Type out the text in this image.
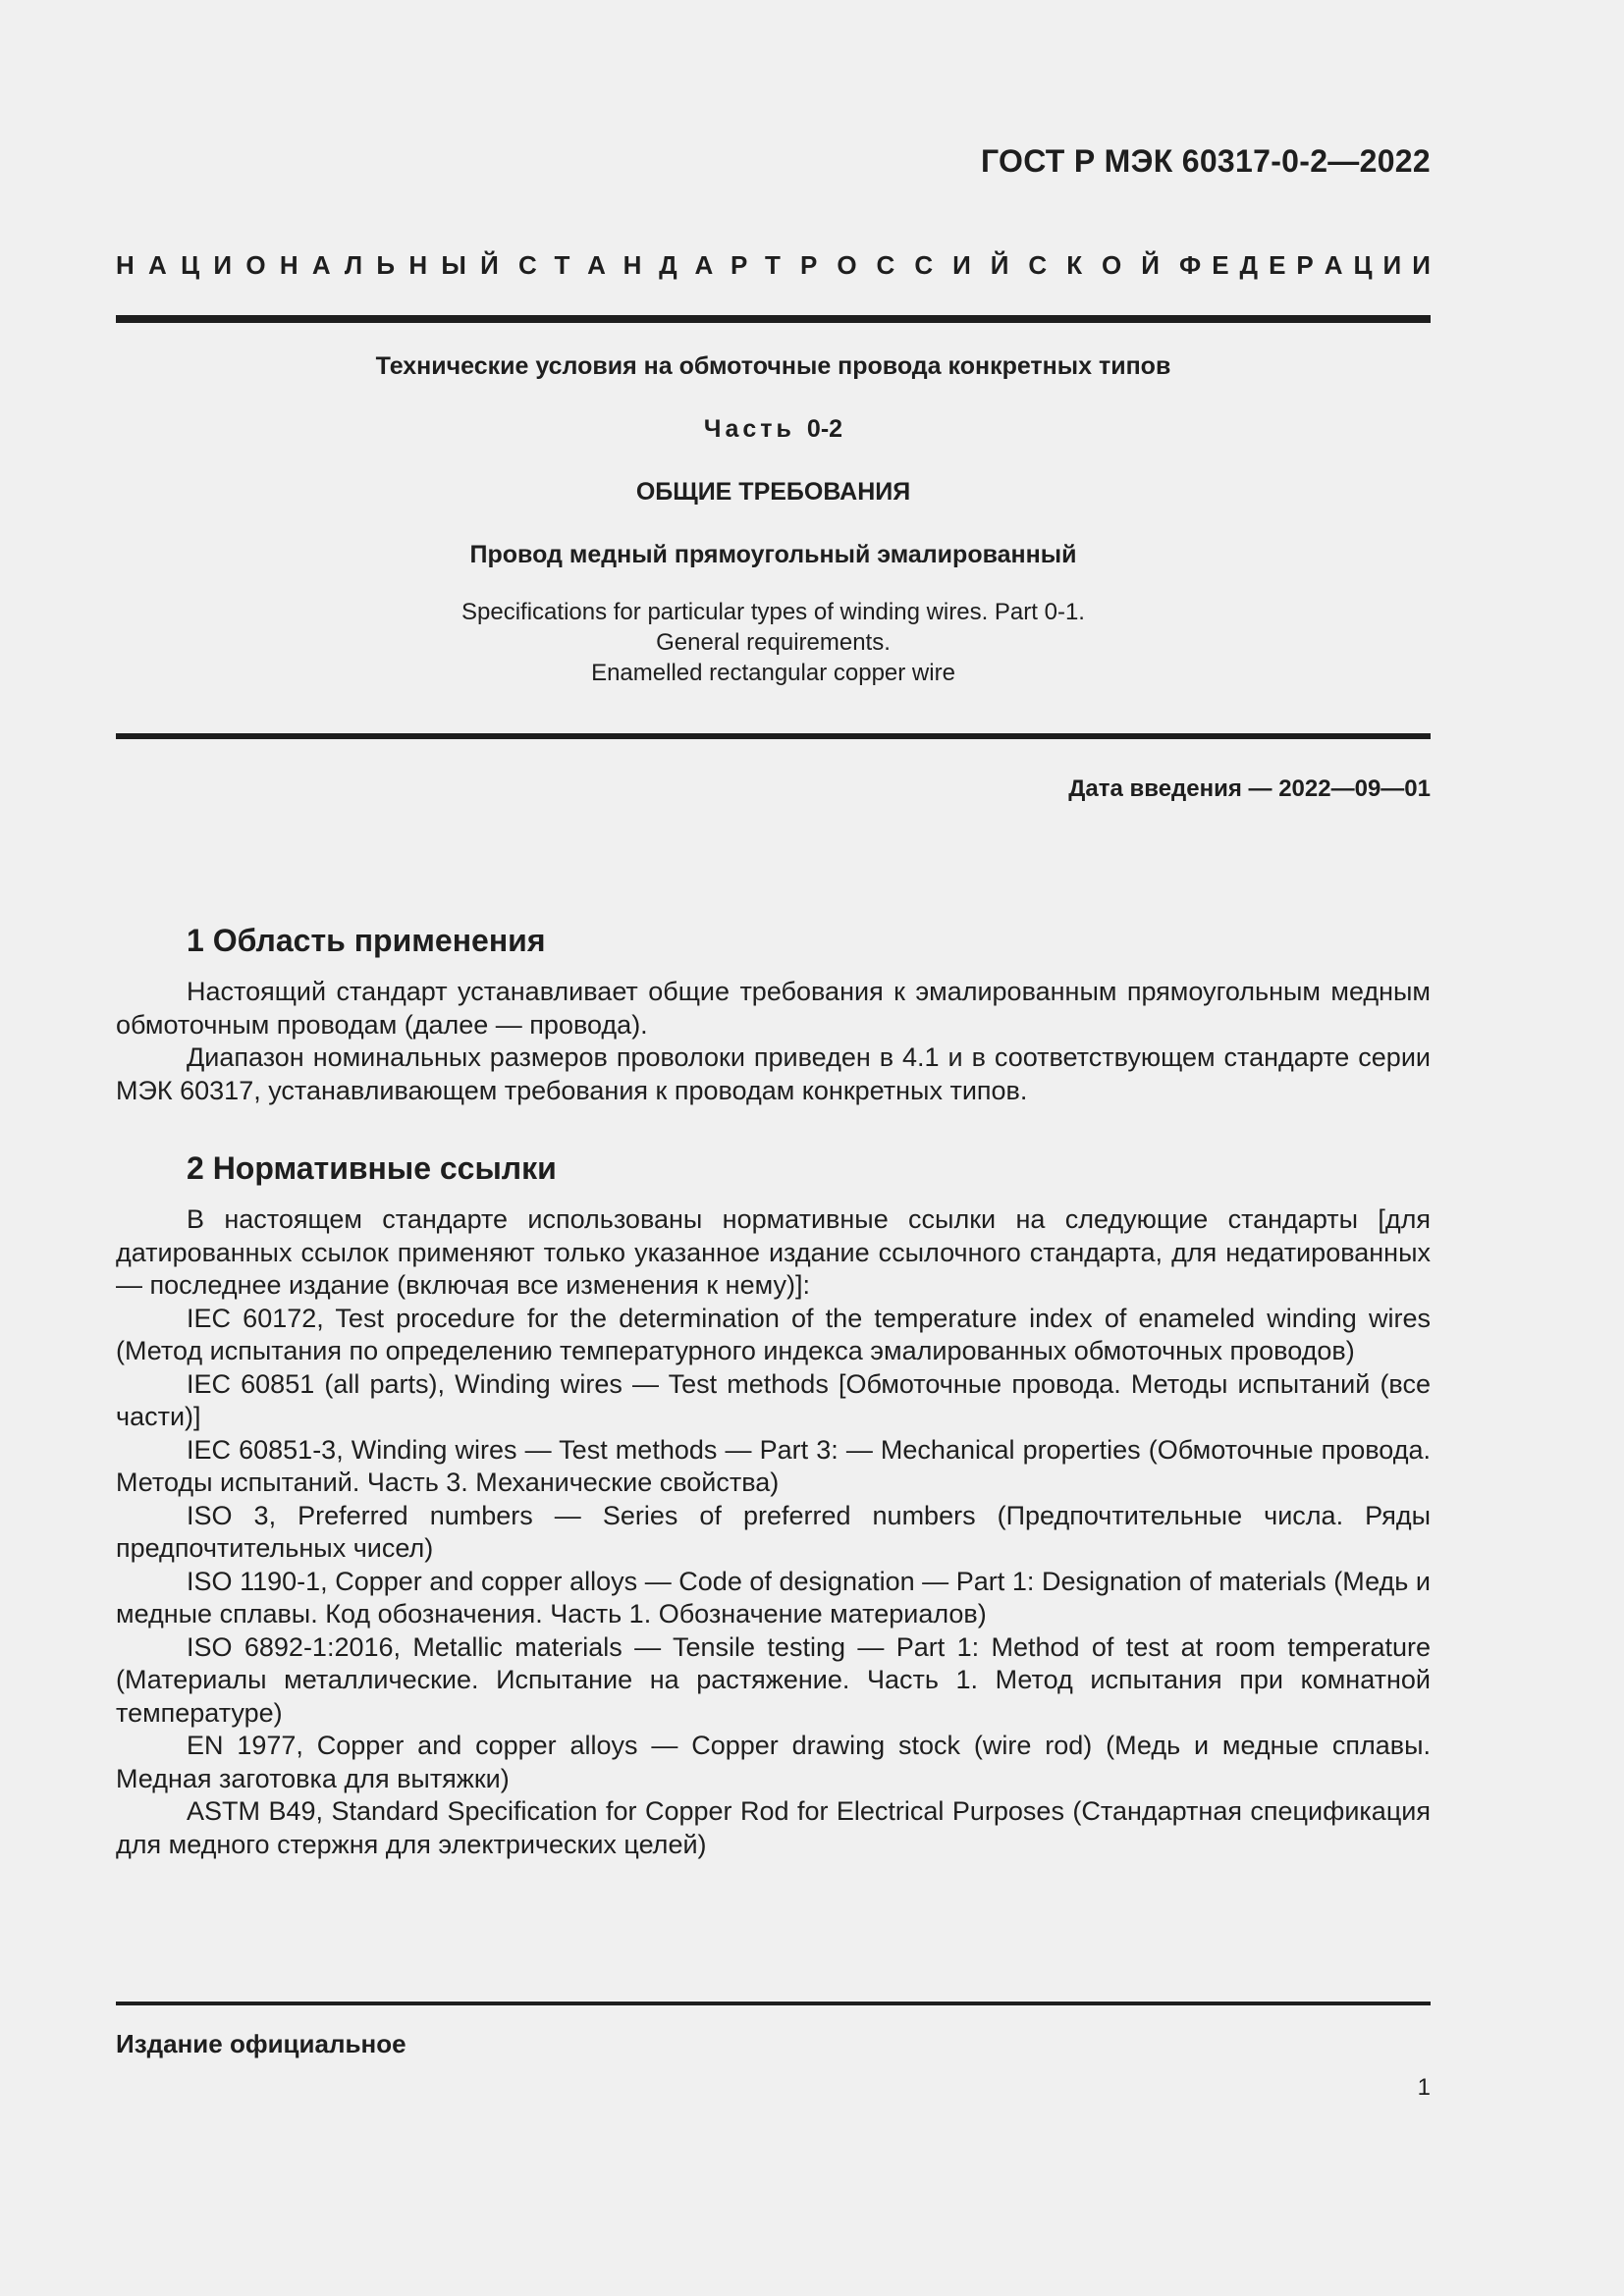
ГОСТ Р МЭК 60317-0-2—2022
Н А Ц И О Н А Л Ь Н Ы Й С Т А Н Д А Р Т Р О С С И Й С К О Й Ф Е Д Е Р А Ц И И
Технические условия на обмоточные провода конкретных типов
Часть 0-2
ОБЩИЕ ТРЕБОВАНИЯ
Провод медный прямоугольный эмалированный
Specifications for particular types of winding wires. Part 0-1.
General requirements.
Enamelled rectangular copper wire
Дата введения — 2022—09—01
1 Область применения

Настоящий стандарт устанавливает общие требования к эмалированным прямоугольным медным обмоточным проводам (далее — провода).

Диапазон номинальных размеров проволоки приведен в 4.1 и в соответствующем стандарте серии МЭК 60317, устанавливающем требования к проводам конкретных типов.

2 Нормативные ссылки

В настоящем стандарте использованы нормативные ссылки на следующие стандарты [для датированных ссылок применяют только указанное издание ссылочного стандарта, для недатированных — последнее издание (включая все изменения к нему)]:

IEC 60172, Test procedure for the determination of the temperature index of enameled winding wires (Метод испытания по определению температурного индекса эмалированных обмоточных проводов)

IEC 60851 (all parts), Winding wires — Test methods [Обмоточные провода. Методы испытаний (все части)]

IEC 60851-3, Winding wires — Test methods — Part 3: — Mechanical properties (Обмоточные провода. Методы испытаний. Часть 3. Механические свойства)

ISO 3, Preferred numbers — Series of preferred numbers (Предпочтительные числа. Ряды предпочтительных чисел)

ISO 1190-1, Copper and copper alloys — Code of designation — Part 1: Designation of materials (Медь и медные сплавы. Код обозначения. Часть 1. Обозначение материалов)

ISO 6892-1:2016, Metallic materials — Tensile testing — Part 1: Method of test at room temperature (Материалы металлические. Испытание на растяжение. Часть 1. Метод испытания при комнатной температуре)

EN 1977, Copper and copper alloys — Copper drawing stock (wire rod) (Медь и медные сплавы. Медная заготовка для вытяжки)

ASTM B49, Standard Specification for Copper Rod for Electrical Purposes (Стандартная спецификация для медного стержня для электрических целей)

Издание официальное
1
